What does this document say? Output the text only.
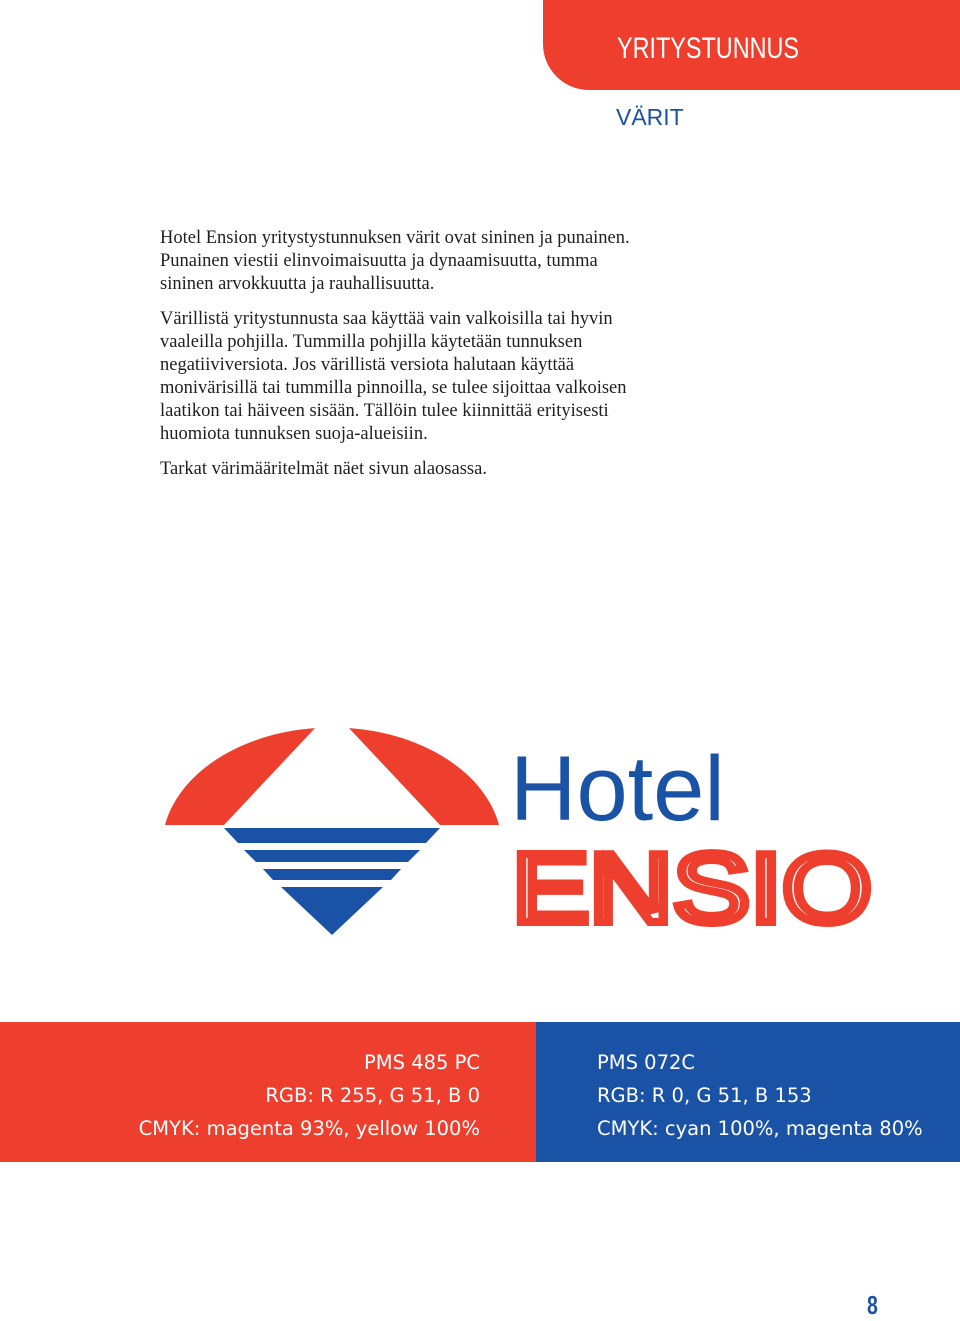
YRITYSTUNNUS
VÄRIT

Hotel Ension yritystystunnuksen värit ovat sininen ja punainen. Punainen viestii elinvoimaisuutta ja dynaamisuutta, tumma sininen arvokkuutta ja rauhallisuutta.

Värillistä yritystunnusta saa käyttää vain valkoisilla tai hyvin vaaleilla pohjilla. Tummilla pohjilla käytetään tunnuksen negatiiviversiota. Jos värillistä versiota halutaan käyttää monivärisillä tai tummilla pinnoilla, se tulee sijoittaa valkoisen laatikon tai häiveen sisään. Tällöin tulee kiinnittää erityisesti huomiota tunnuksen suoja-alueisiin.

Tarkat värimääritelmät näet sivun alaosassa.

Hotel
ENSIO
PMS 485 PC
RGB: R 255, G 51, B 0
CMYK: magenta 93%, yellow 100%
PMS 072C
RGB: R 0, G 51, B 153
CMYK: cyan 100%, magenta 80%
8
